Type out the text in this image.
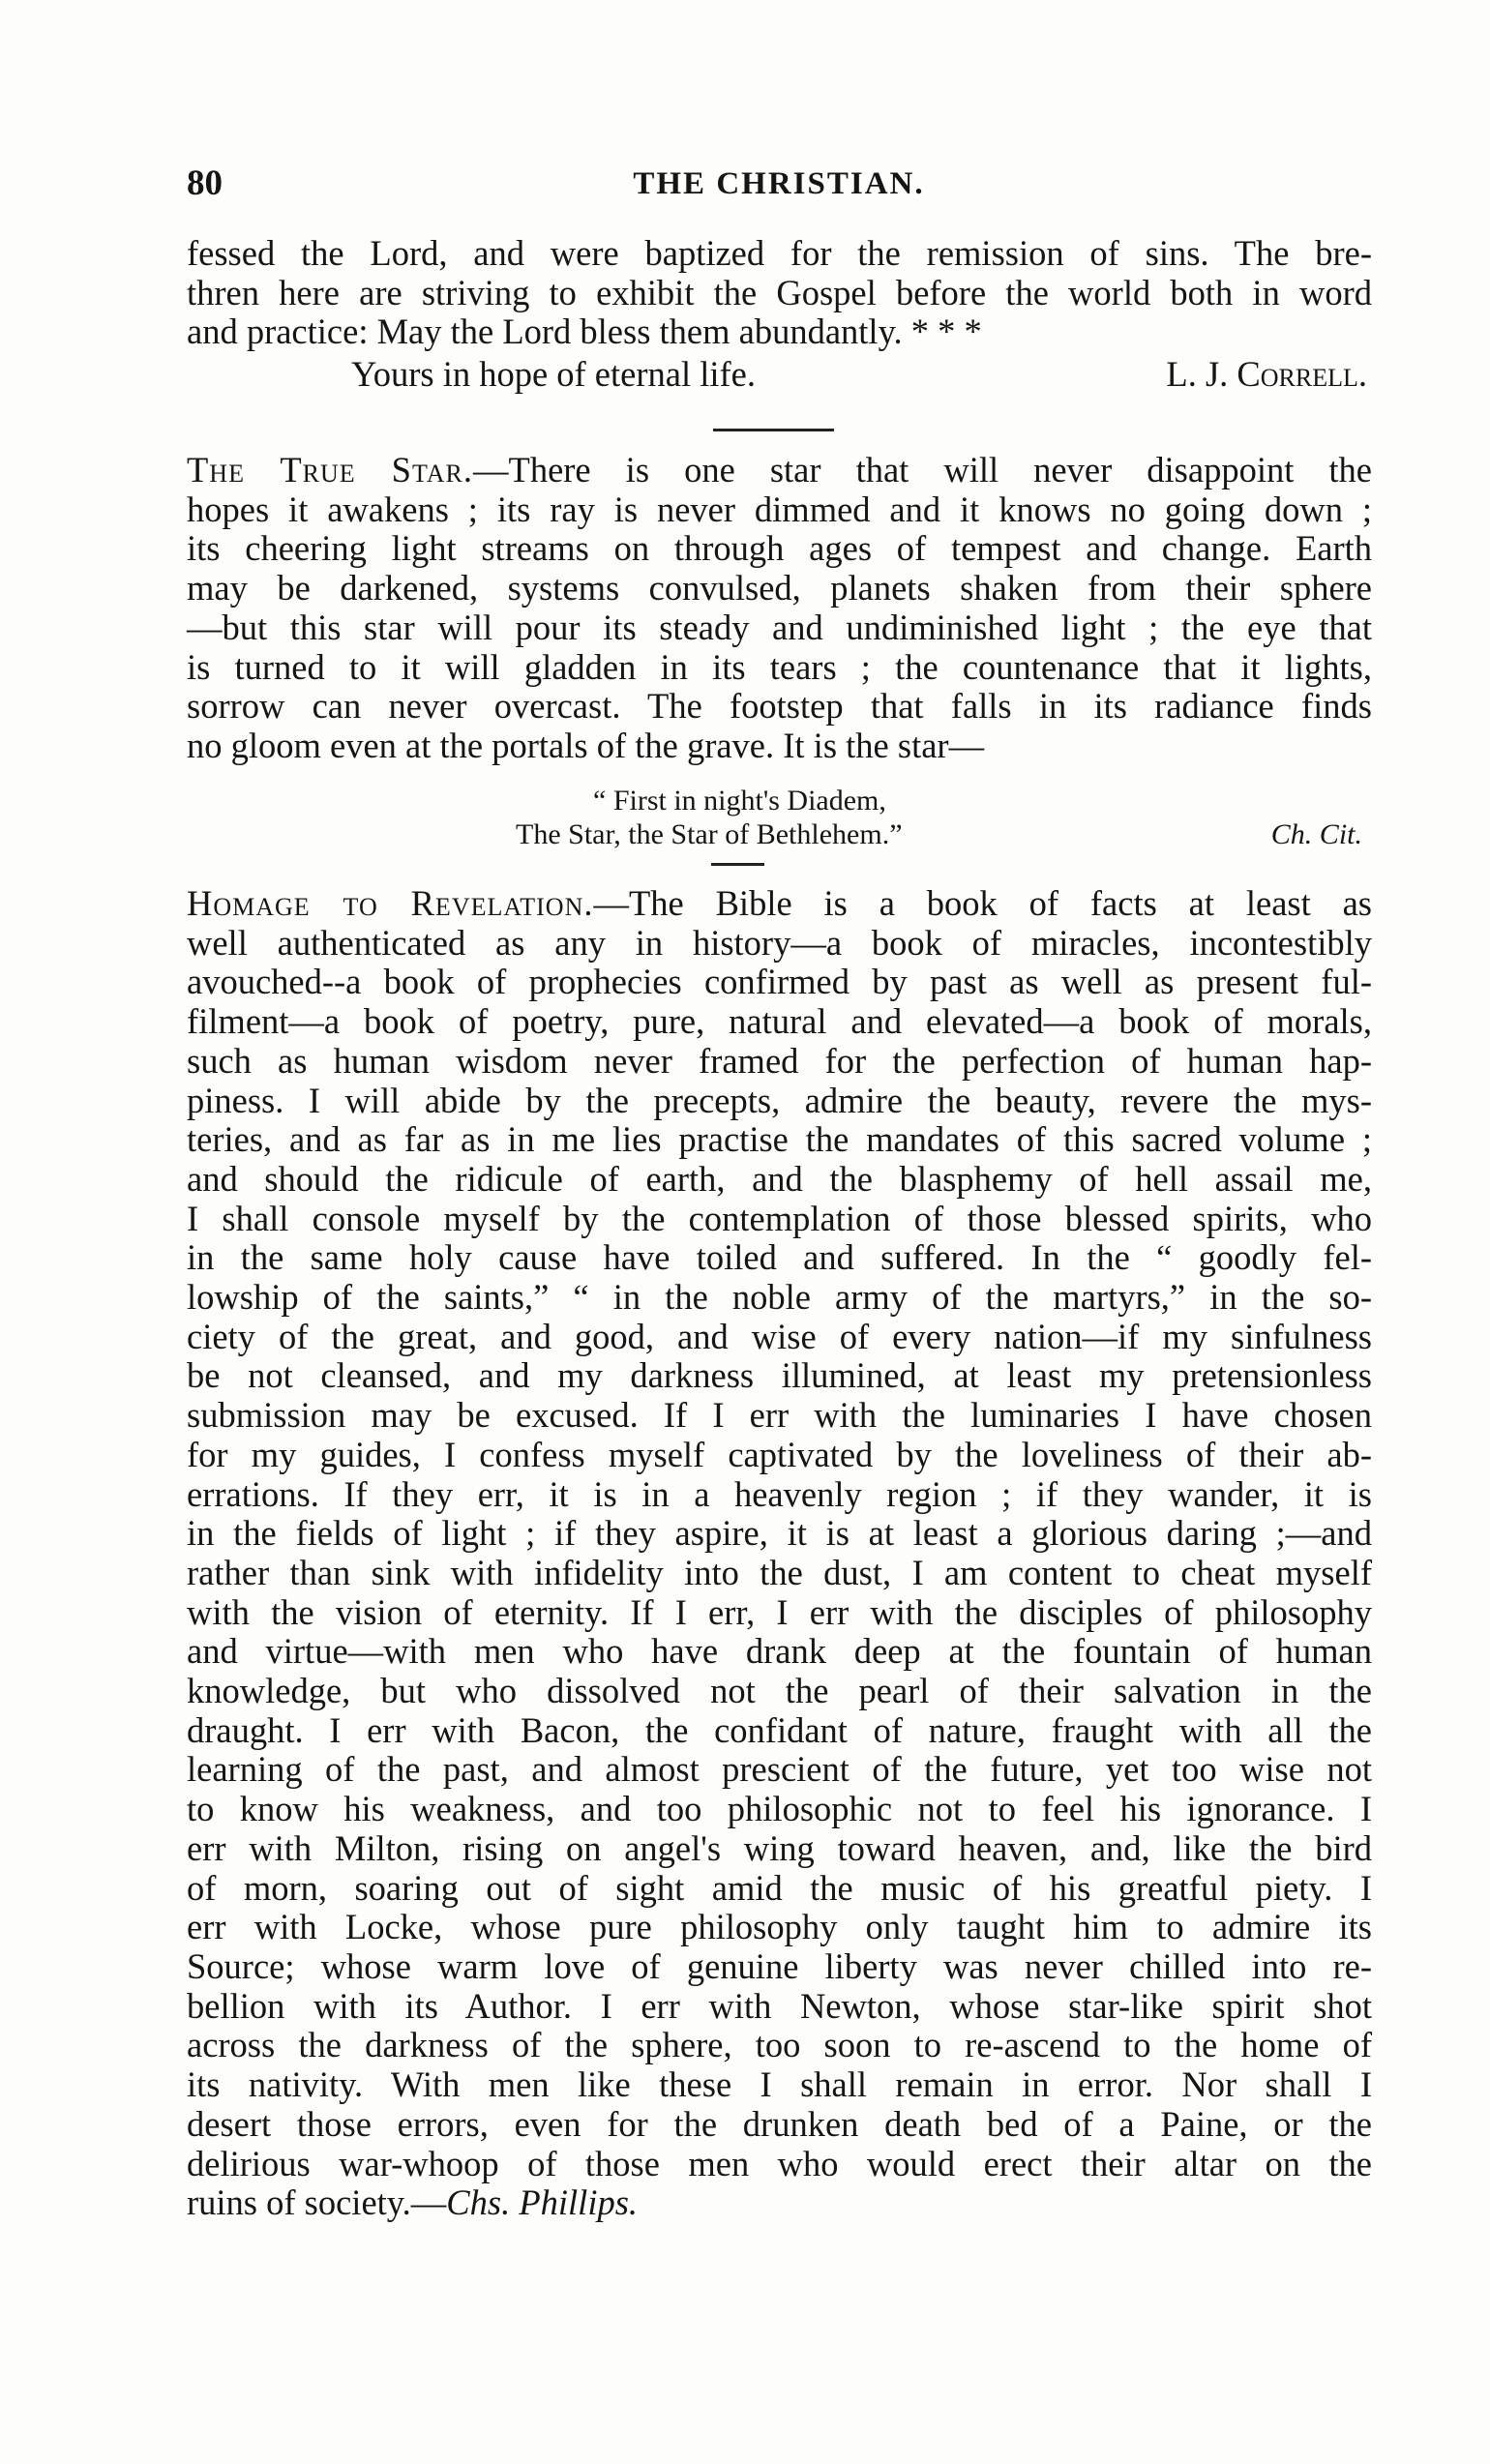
80	THE CHRISTIAN.
fessed the Lord, and were baptized for the remission of sins. The bre-
thren here are striving to exhibit the Gospel before the world both in word
and practice: May the Lord bless them abundantly. * * *
Yours in hope of eternal life.	L. J. Correll.
The True Star.—There is one star that will never disappoint the
hopes it awakens ; its ray is never dimmed and it knows no going down ;
its cheering light streams on through ages of tempest and change. Earth
may be darkened, systems convulsed, planets shaken from their sphere
—but this star will pour its steady and undiminished light ; the eye that
is turned to it will gladden in its tears ; the countenance that it lights,
sorrow can never overcast. The footstep that falls in its radiance finds
no gloom even at the portals of the grave. It is the star—
“ First in night's Diadem,
The Star, the Star of Bethlehem.”	Ch. Cit.
Homage to Revelation.—The Bible is a book of facts at least as
well authenticated as any in history—a book of miracles, incontestibly
avouched--a book of prophecies confirmed by past as well as present ful-
filment—a book of poetry, pure, natural and elevated—a book of morals,
such as human wisdom never framed for the perfection of human hap-
piness. I will abide by the precepts, admire the beauty, revere the mys-
teries, and as far as in me lies practise the mandates of this sacred volume ;
and should the ridicule of earth, and the blasphemy of hell assail me,
I shall console myself by the contemplation of those blessed spirits, who
in the same holy cause have toiled and suffered. In the “ goodly fel-
lowship of the saints,” “ in the noble army of the martyrs,” in the so-
ciety of the great, and good, and wise of every nation—if my sinfulness
be not cleansed, and my darkness illumined, at least my pretensionless
submission may be excused. If I err with the luminaries I have chosen
for my guides, I confess myself captivated by the loveliness of their ab-
errations. If they err, it is in a heavenly region ; if they wander, it is
in the fields of light ; if they aspire, it is at least a glorious daring ;—and
rather than sink with infidelity into the dust, I am content to cheat myself
with the vision of eternity. If I err, I err with the disciples of philosophy
and virtue—with men who have drank deep at the fountain of human
knowledge, but who dissolved not the pearl of their salvation in the
draught. I err with Bacon, the confidant of nature, fraught with all the
learning of the past, and almost prescient of the future, yet too wise not
to know his weakness, and too philosophic not to feel his ignorance. I
err with Milton, rising on angel's wing toward heaven, and, like the bird
of morn, soaring out of sight amid the music of his greatful piety. I
err with Locke, whose pure philosophy only taught him to admire its
Source; whose warm love of genuine liberty was never chilled into re-
bellion with its Author. I err with Newton, whose star-like spirit shot
across the darkness of the sphere, too soon to re-ascend to the home of
its nativity. With men like these I shall remain in error. Nor shall I
desert those errors, even for the drunken death bed of a Paine, or the
delirious war-whoop of those men who would erect their altar on the
ruins of society.—Chs. Phillips.
